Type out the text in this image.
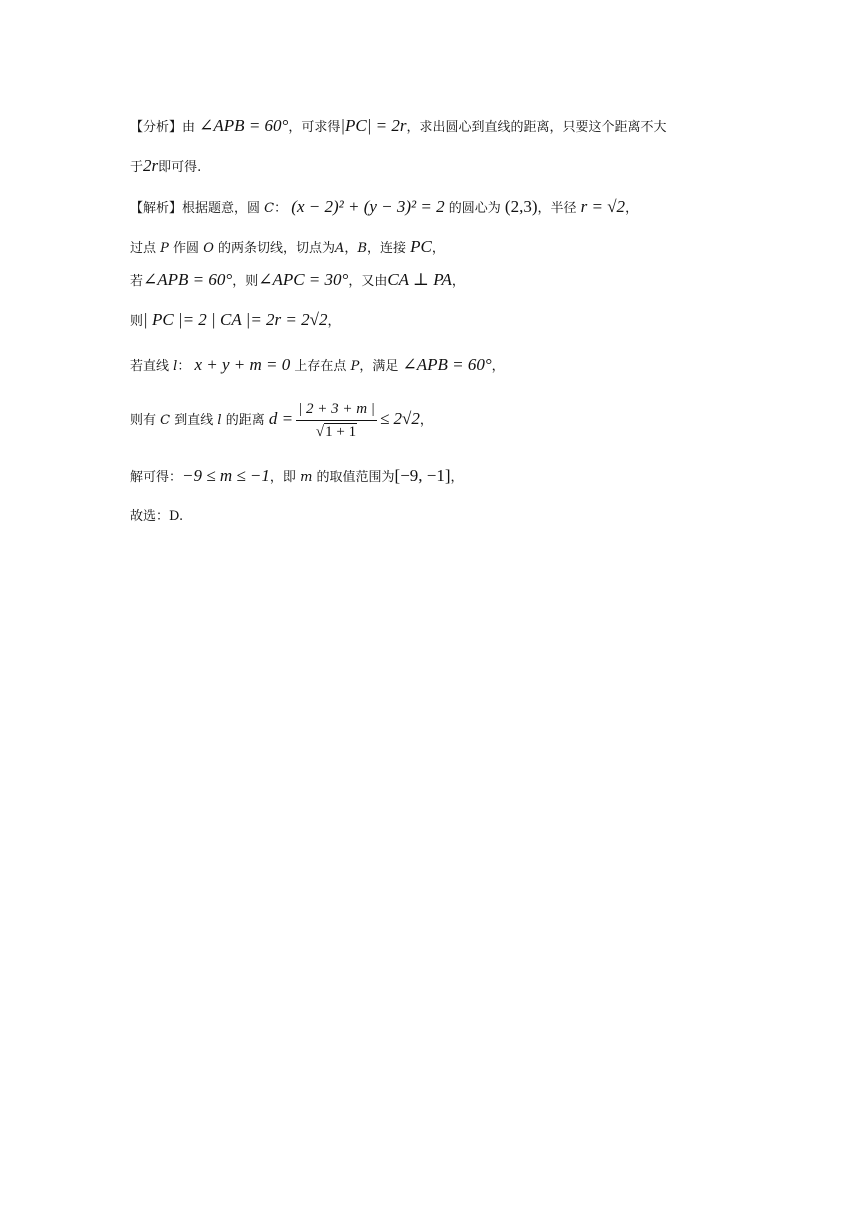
【分析】由 ∠APB = 60°，可求得|PC| = 2r，求出圆心到直线的距离，只要这个距离不大
于2r即可得.
【解析】根据题意，圆 C： (x − 2)² + (y − 3)² = 2 的圆心为 (2,3)，半径 r = √2，
过点 P 作圆 O 的两条切线，切点为A，B，连接 PC，
若∠APB = 60°，则∠APC = 30°，又由CA ⊥ PA，
则| PC |= 2 | CA |= 2r = 2√2，
若直线 l： x + y + m = 0 上存在点 P，满足 ∠APB = 60°，
则有 C 到直线 l 的距离 $d = \frac{| 2 + 3 + m |}{√1 + 1} \le 2√2$，
解可得：−9 ≤ m ≤ −1，即 m 的取值范围为[−9, −1]，
故选：D.
